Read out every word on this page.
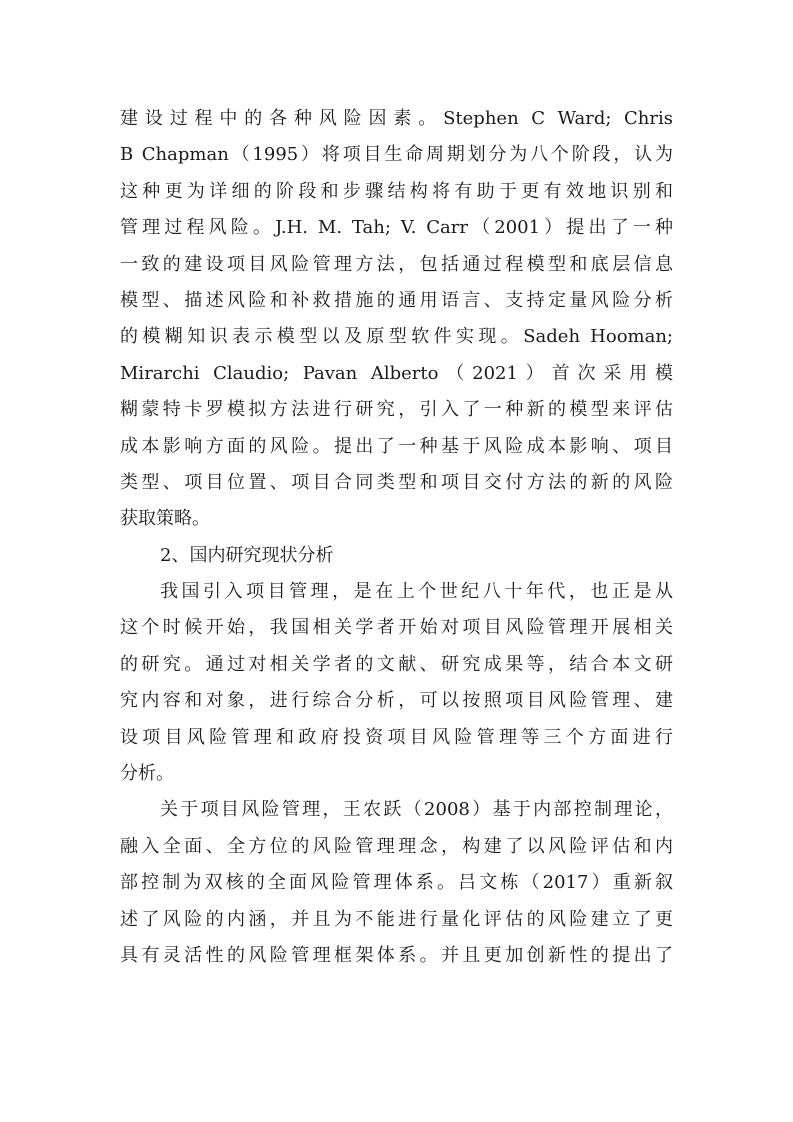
建设过程中的各种风险因素。Stephen C Ward; Chris
B Chapman（1995）将项目生命周期划分为八个阶段，认为
这种更为详细的阶段和步骤结构将有助于更有效地识别和
管理过程风险。J.H. M. Tah; V. Carr（2001）提出了一种
一致的建设项目风险管理方法，包括通过程模型和底层信息
模型、描述风险和补救措施的通用语言、支持定量风险分析
的模糊知识表示模型以及原型软件实现。Sadeh Hooman;
Mirarchi Claudio; Pavan Alberto（2021）首次采用模
糊蒙特卡罗模拟方法进行研究，引入了一种新的模型来评估
成本影响方面的风险。提出了一种基于风险成本影响、项目
类型、项目位置、项目合同类型和项目交付方法的新的风险
获取策略。
2、国内研究现状分析
我国引入项目管理，是在上个世纪八十年代，也正是从
这个时候开始，我国相关学者开始对项目风险管理开展相关
的研究。通过对相关学者的文献、研究成果等，结合本文研
究内容和对象，进行综合分析，可以按照项目风险管理、建
设项目风险管理和政府投资项目风险管理等三个方面进行
分析。
关于项目风险管理，王农跃（2008）基于内部控制理论，
融入全面、全方位的风险管理理念，构建了以风险评估和内
部控制为双核的全面风险管理体系。吕文栋（2017）重新叙
述了风险的内涵，并且为不能进行量化评估的风险建立了更
具有灵活性的风险管理框架体系。并且更加创新性的提出了
